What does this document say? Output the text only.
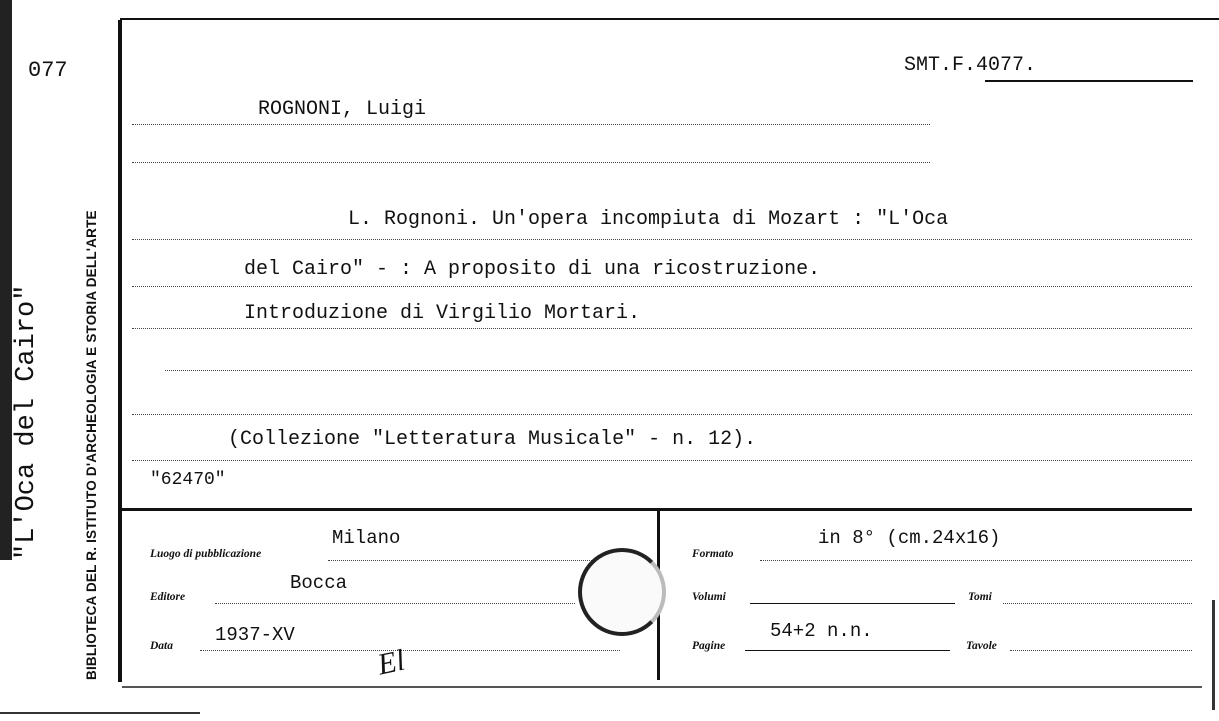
077
"L'Oca del Cairo"	BIBLIOTECA DEL R. ISTITUTO D'ARCHEOLOGIA E STORIA DELL'ARTE
SMT.F.4077.
ROGNONI, Luigi
L. Rognoni. Un'opera incompiuta di Mozart : "L'Oca
del Cairo" - : A proposito di una ricostruzione.
Introduzione di Virgilio Mortari.
(Collezione "Letteratura Musicale" - n. 12).
"62470"
Luogo di pubblicazione
Milano
Editore
Bocca
Data 1937-XV
El
Formato
in 8° (cm.24x16)
Volumi	Tomi
Pagine
54+2 n.n.
Tavole
